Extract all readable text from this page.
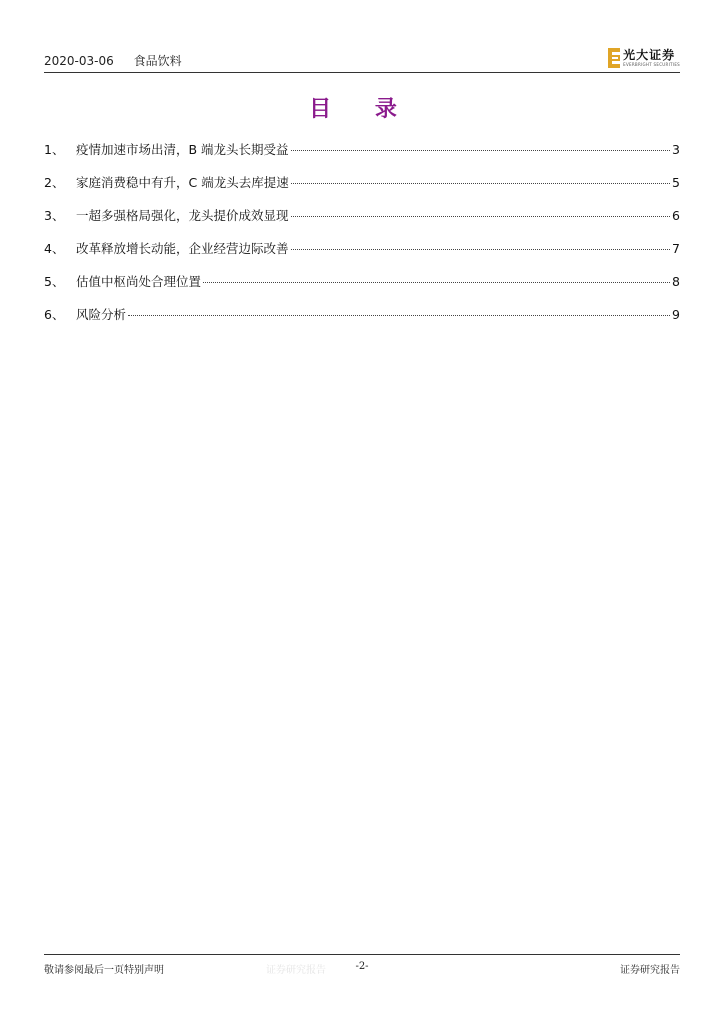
2020-03-06 食品饮料	光大证券
EVERBRIGHT SECURITIES
目 录
1、 疫情加速市场出清，B 端龙头长期受益	3
2、 家庭消费稳中有升，C 端龙头去库提速	5
3、 一超多强格局强化，龙头提价成效显现	6
4、 改革释放增长动能，企业经营边际改善	7
5、 估值中枢尚处合理位置	8
6、 风险分析	9
敬请参阅最后一页特别声明	证券研究报告	-2-	证券研究报告
